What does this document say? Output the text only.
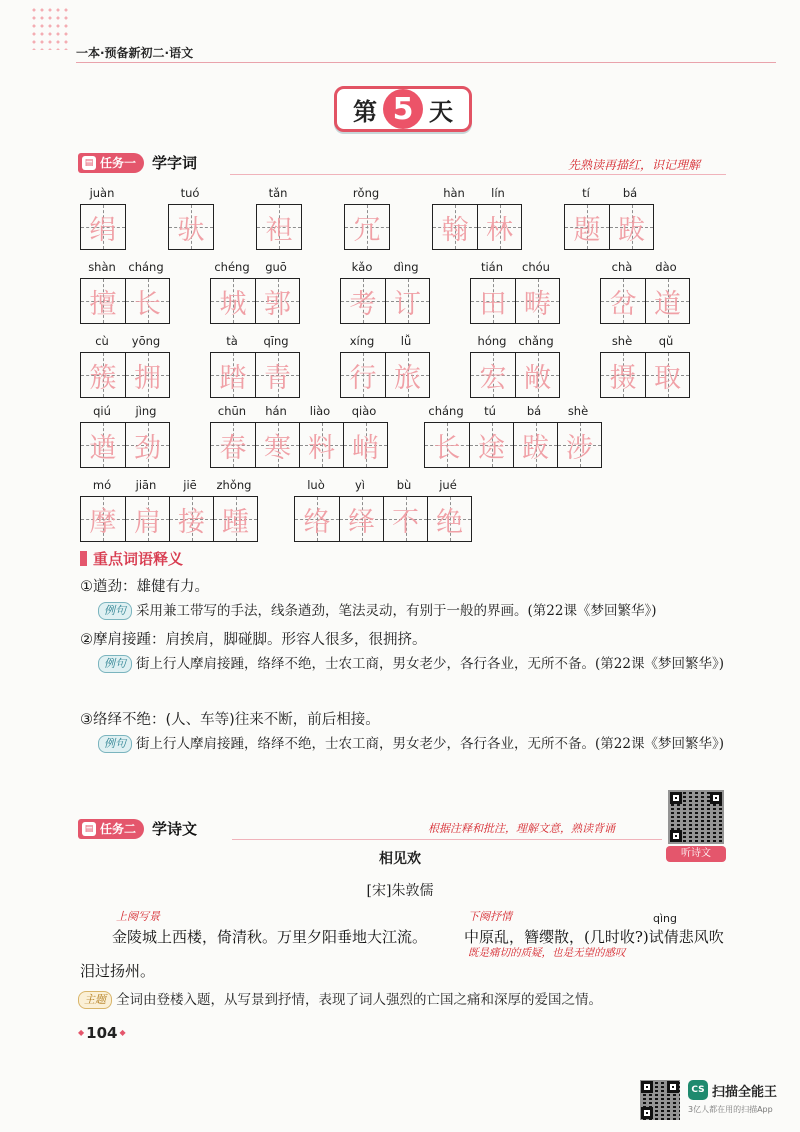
一本·预备新初二·语文
第 5 天
▤ 任务一 学字词	先熟读再描红，识记理解
juàn
绢
tuó
驮
tǎn
袒
rǒng
冗
hàn	lín
翰 林
tí	bá
题 跋
shàn	cháng
擅 长
chéng	guō
城 郭
kǎo	dìng
考 订
tián	chóu
田 畴
chà	dào
岔 道
cù	yōng
簇 拥
tà	qīng
踏 青
xíng	lǚ
行 旅
hóng	chǎng
宏 敞
shè	qǔ
摄 取
qiú	jìng
遒 劲
chūn	hán	liào	qiào
春 寒 料 峭
cháng	tú	bá	shè
长 途 跋 涉
mó	jiān	jiē	zhǒng
摩 肩 接 踵
luò	yì	bù	jué
络 绎 不 绝
重点词语释义
①遒劲：雄健有力。
例句 采用兼工带写的手法，线条遒劲，笔法灵动，有别于一般的界画。(第22课《梦回繁华》)
②摩肩接踵：肩挨肩，脚碰脚。形容人很多，很拥挤。
例句 街上行人摩肩接踵，络绎不绝，士农工商，男女老少，各行各业，无所不备。(第22课《梦回繁华》)
③络绎不绝：(人、车等)往来不断，前后相接。
例句 街上行人摩肩接踵，络绎不绝，士农工商，男女老少，各行各业，无所不备。(第22课《梦回繁华》)
▤ 任务二 学诗文	根据注释和批注，理解文意，熟读背诵
听诗文
相见欢
[宋]朱敦儒
上阕写景	下阕抒情
金陵城上西楼，倚清秋。万里夕阳垂地大江流。 中原乱，簪缨散，(几时收?)试倩悲风吹
qìng
既是痛切的质疑，也是无望的感叹
泪过扬州。
主题 全词由登楼入题，从写景到抒情，表现了词人强烈的亡国之痛和深厚的爱国之情。
◆ 104 ◆
CS 扫描全能王
3亿人都在用的扫描App
